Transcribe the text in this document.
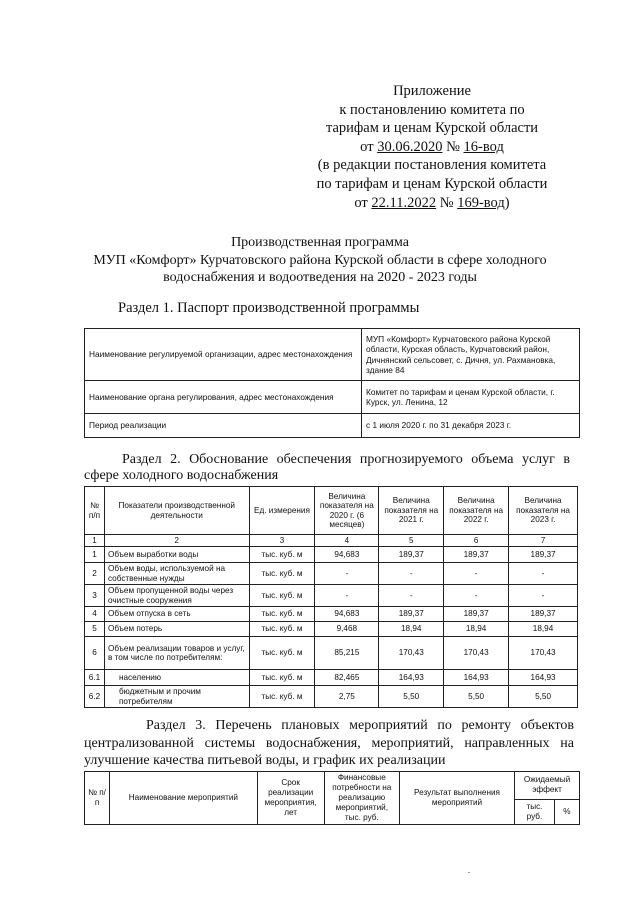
Приложение
к постановлению комитета по
тарифам и ценам Курской области
от 30.06.2020 № 16-вод
(в редакции постановления комитета
по тарифам и ценам Курской области
от 22.11.2022 № 169-вод)
Производственная программа
МУП «Комфорт» Курчатовского района Курской области в сфере холодного
водоснабжения и водоотведения на 2020 - 2023 годы
Раздел 1. Паспорт производственной программы
Наименование регулируемой организации, адрес местонахождения	МУП «Комфорт» Курчатовского района Курской области, Курская область, Курчатовский район, Дичнянский сельсовет, с. Дичня, ул. Рахмановка, здание 84
Наименование органа регулирования, адрес местонахождения	Комитет по тарифам и ценам Курской области, г. Курск, ул. Ленина, 12
Период реализации	с 1 июля 2020 г. по 31 декабря 2023 г.
Раздел 2. Обоснование обеспечения прогнозируемого объема услуг в
сфере холодного водоснабжения
№ п/п	Показатели производственной деятельности	Ед. измерения	Величина показателя на 2020 г. (6 месяцев)	Величина показателя на 2021 г.	Величина показателя на 2022 г.	Величина показателя на 2023 г.
1	2	3	4	5	6	7
1	Объем выработки воды	тыс. куб. м	94,683	189,37	189,37	189,37
2	Объем воды, используемой на собственные нужды	тыс. куб. м	-	-	-	-
3	Объем пропущенной воды через очистные сооружения	тыс. куб. м	-	-	-	-
4	Объем отпуска в сеть	тыс. куб. м	94,683	189,37	189,37	189,37
5	Объем потерь	тыс. куб. м	9,468	18,94	18,94	18,94
6	Объем реализации товаров и услуг, в том числе по потребителям:	тыс. куб. м	85,215	170,43	170,43	170,43
6.1	населению	тыс. куб. м	82,465	164,93	164,93	164,93
6.2	бюджетным и прочим потребителям	тыс. куб. м	2,75	5,50	5,50	5,50
Раздел 3. Перечень плановых мероприятий по ремонту объектов
централизованной системы водоснабжения, мероприятий, направленных на
улучшение качества питьевой воды, и график их реализации
№ п/п	Наименование мероприятий	Срок реализации мероприятия, лет	Финансовые потребности на реализацию мероприятий, тыс. руб.	Результат выполнения мероприятий	Ожидаемый эффект	
					тыс. руб.	%
